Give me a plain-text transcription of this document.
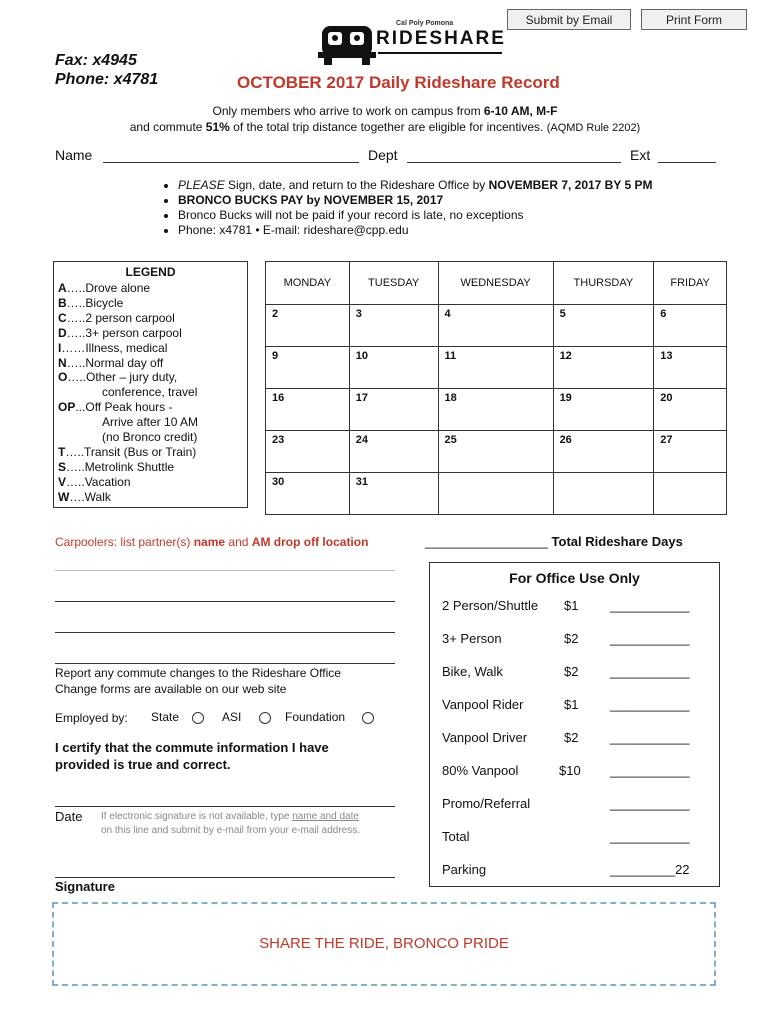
Submit by Email	Print Form
Cal Poly Pomona
RIDESHARE
Fax: x4945
Phone: x4781	OCTOBER 2017 Daily Rideshare Record
Only members who arrive to work on campus from 6-10 AM, M-F
and commute 51% of the total trip distance together are eligible for incentives. (AQMD Rule 2202)
Name	Dept	Ext
• PLEASE Sign, date, and return to the Rideshare Office by NOVEMBER 7, 2017 BY 5 PM
• BRONCO BUCKS PAY by NOVEMBER 15, 2017
• Bronco Bucks will not be paid if your record is late, no exceptions
• Phone: x4781 • E-mail: rideshare@cpp.edu
LEGEND
A…..Drove alone
B…..Bicycle
C…..2 person carpool
D…..3+ person carpool
I……Illness, medical
N…..Normal day off
O…..Other – jury duty,
conference, travel
OP...Off Peak hours -
Arrive after 10 AM
(no Bronco credit)
T…..Transit (Bus or Train)
S…..Metrolink Shuttle
V…..Vacation
W….Walk
MONDAY	TUESDAY	WEDNESDAY	THURSDAY	FRIDAY
2	3	4	5	6
9	10	11	12	13
16	17	18	19	20
23	24	25	26	27
30	31			
Carpoolers: list partner(s) name and AM drop off location	_________________ Total Rideshare Days
Report any commute changes to the Rideshare Office
Change forms are available on our web site
Employed by: State	ASI	Foundation
I certify that the commute information I have
provided is true and correct.
Date If electronic signature is not available, type name and date
on this line and submit by e-mail from your e-mail address.
Signature
For Office Use Only
2 Person/Shuttle $1 ___________
3+ Person	$2 ___________
Bike, Walk	$2 ___________
Vanpool Rider	$1 ___________
Vanpool Driver	$2 ___________
80% Vanpool	$10 ___________
Promo/Referral	___________
Total	___________
Parking	_________22
SHARE THE RIDE, BRONCO PRIDE
